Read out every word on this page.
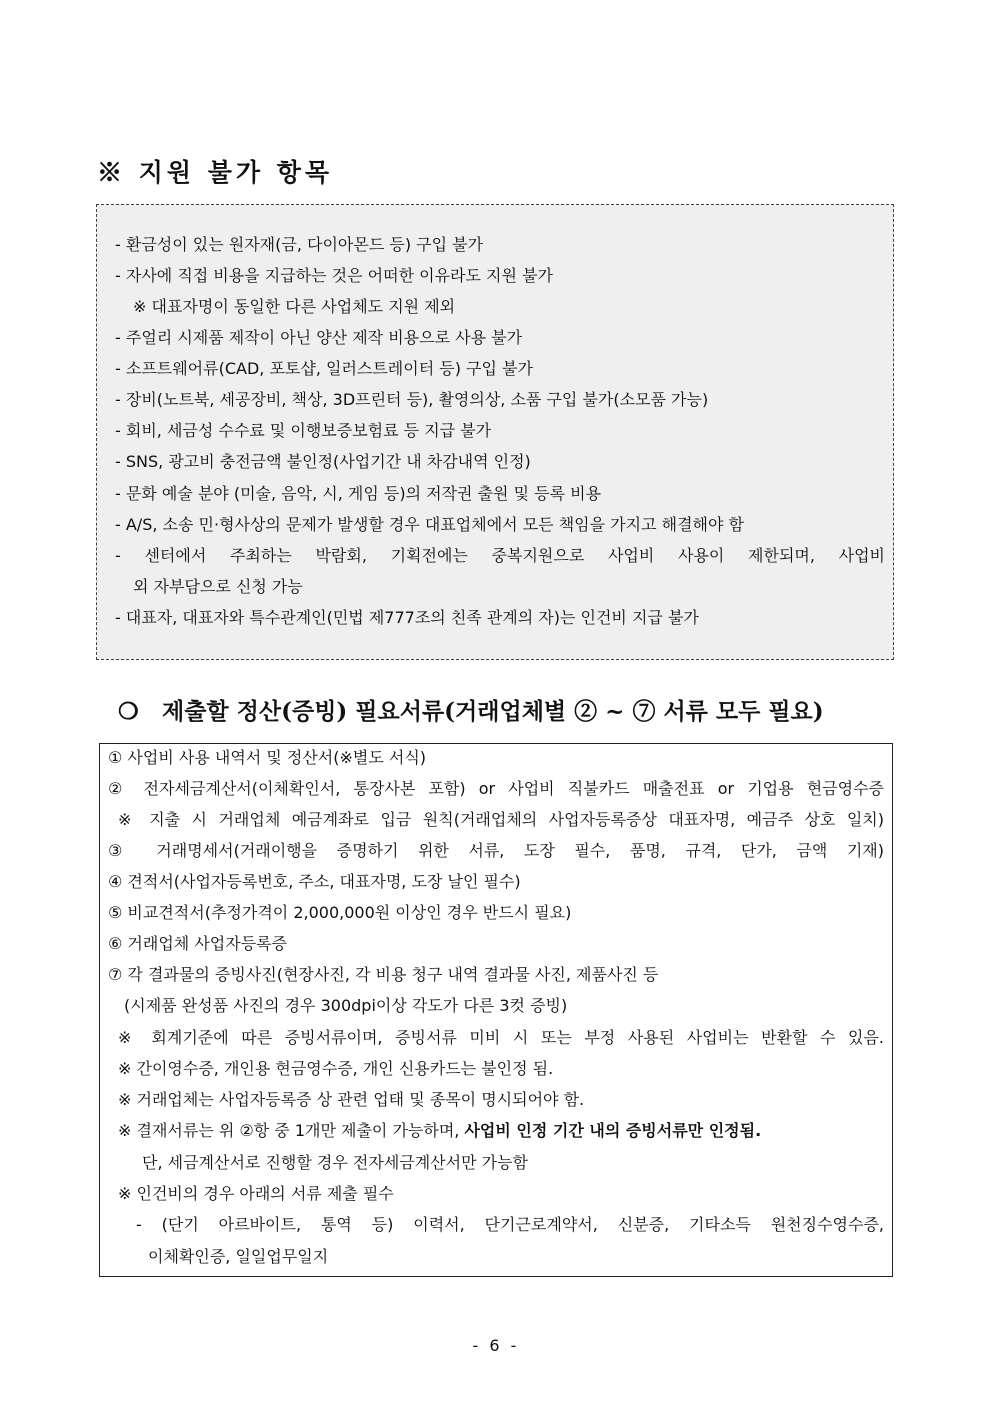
※ 지원 불가 항목
- 환금성이 있는 원자재(금, 다이아몬드 등) 구입 불가
- 자사에 직접 비용을 지급하는 것은 어떠한 이유라도 지원 불가
※ 대표자명이 동일한 다른 사업체도 지원 제외
- 주얼리 시제품 제작이 아닌 양산 제작 비용으로 사용 불가
- 소프트웨어류(CAD, 포토샵, 일러스트레이터 등) 구입 불가
- 장비(노트북, 세공장비, 책상, 3D프린터 등), 촬영의상, 소품 구입 불가(소모품 가능)
- 회비, 세금성 수수료 및 이행보증보험료 등 지급 불가
- SNS, 광고비 충전금액 불인정(사업기간 내 차감내역 인정)
- 문화 예술 분야 (미술, 음악, 시, 게임 등)의 저작권 출원 및 등록 비용
- A/S, 소송 민·형사상의 문제가 발생할 경우 대표업체에서 모든 책임을 가지고 해결해야 함
- 센터에서 주최하는 박람회, 기획전에는 중복지원으로 사업비 사용이 제한되며, 사업비
외 자부담으로 신청 가능
- 대표자, 대표자와 특수관계인(민법 제777조의 친족 관계의 자)는 인건비 지급 불가
❍ 제출할 정산(증빙) 필요서류(거래업체별 ② ~ ⑦ 서류 모두 필요)
① 사업비 사용 내역서 및 정산서(※별도 서식)
② 전자세금계산서(이체확인서, 통장사본 포함) or 사업비 직불카드 매출전표 or 기업용 현금영수증
※ 지출 시 거래업체 예금계좌로 입금 원칙(거래업체의 사업자등록증상 대표자명, 예금주 상호 일치)
③ 거래명세서(거래이행을 증명하기 위한 서류, 도장 필수, 품명, 규격, 단가, 금액 기재)
④ 견적서(사업자등록번호, 주소, 대표자명, 도장 날인 필수)
⑤ 비교견적서(추정가격이 2,000,000원 이상인 경우 반드시 필요)
⑥ 거래업체 사업자등록증
⑦ 각 결과물의 증빙사진(현장사진, 각 비용 청구 내역 결과물 사진, 제품사진 등
(시제품 완성품 사진의 경우 300dpi이상 각도가 다른 3컷 증빙)
※ 회계기준에 따른 증빙서류이며, 증빙서류 미비 시 또는 부정 사용된 사업비는 반환할 수 있음.
※ 간이영수증, 개인용 현금영수증, 개인 신용카드는 불인정 됨.
※ 거래업체는 사업자등록증 상 관련 업태 및 종목이 명시되어야 함.
※ 결재서류는 위 ②항 중 1개만 제출이 가능하며, 사업비 인정 기간 내의 증빙서류만 인정됨.
단, 세금계산서로 진행할 경우 전자세금계산서만 가능함
※ 인건비의 경우 아래의 서류 제출 필수
- (단기 아르바이트, 통역 등) 이력서, 단기근로계약서, 신분증, 기타소득 원천징수영수증,
이체확인증, 일일업무일지
- 6 -
